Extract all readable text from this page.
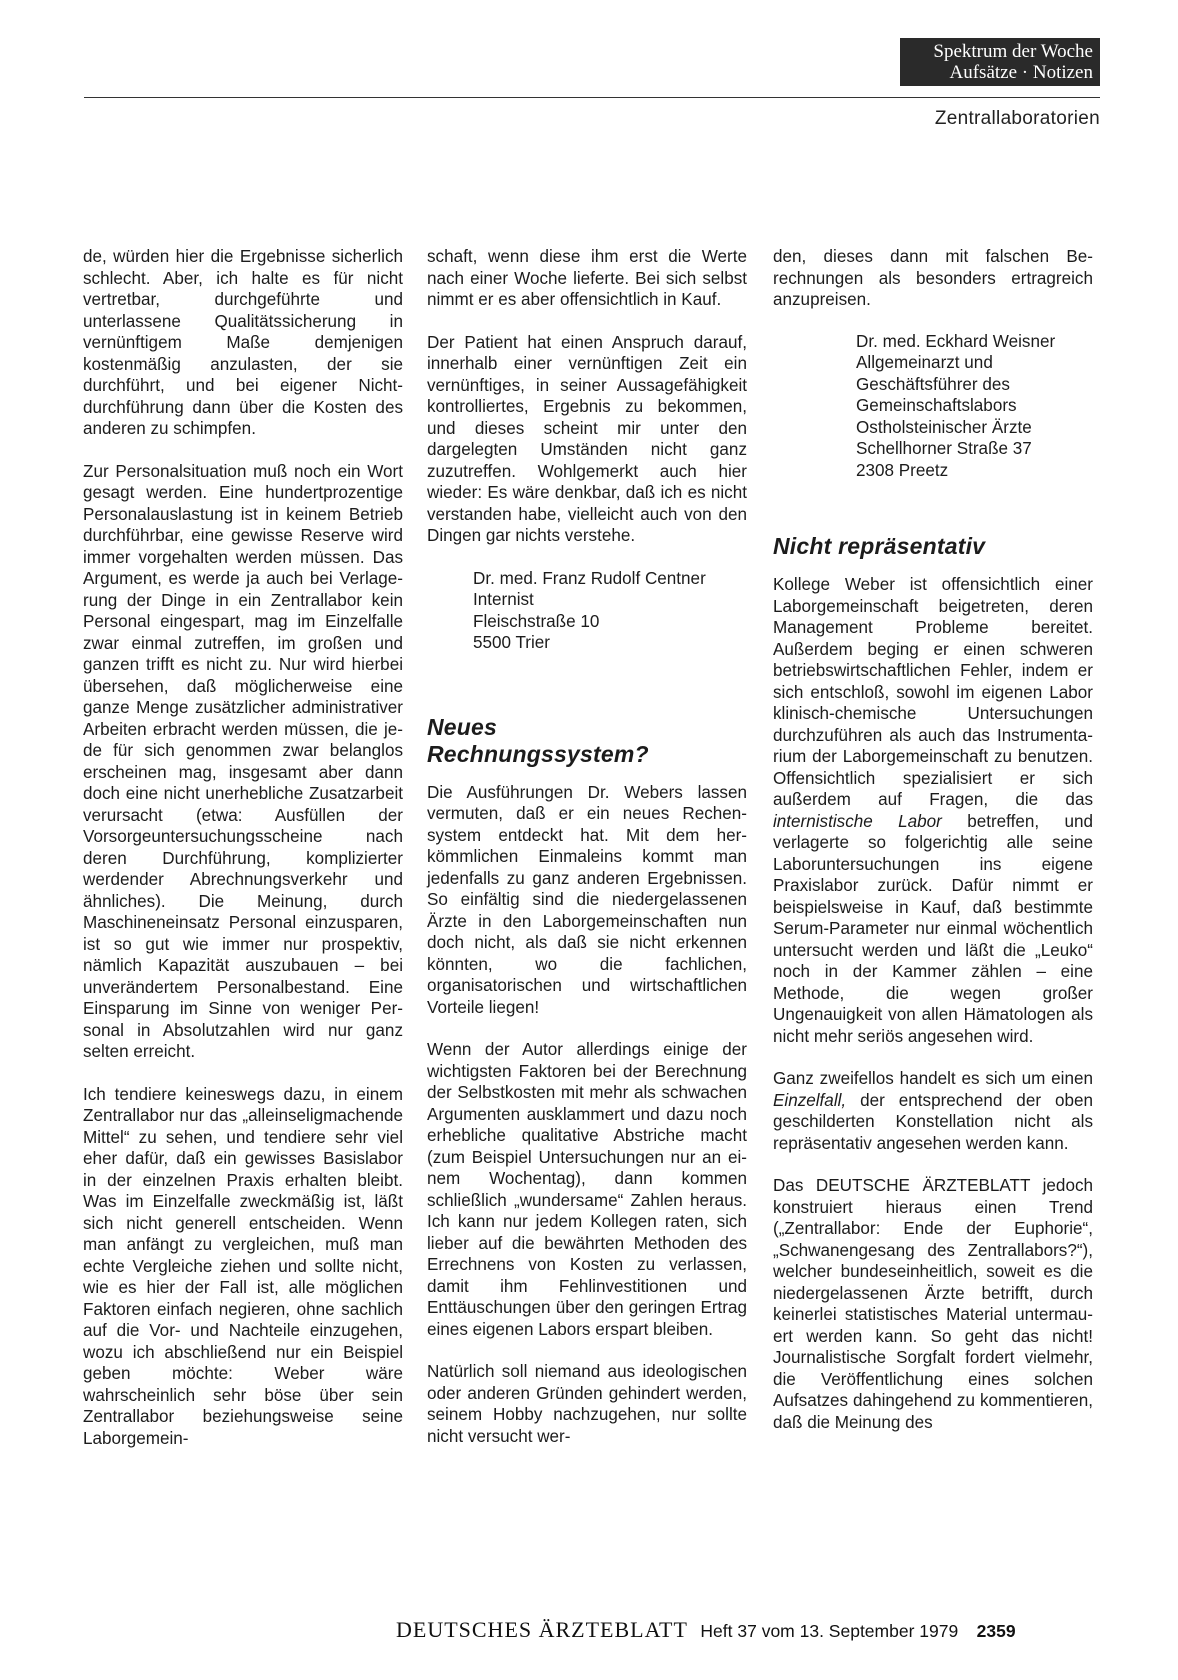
Spektrum der Woche
Aufsätze · Notizen
Zentrallaboratorien

de, würden hier die Ergebnisse sicherlich schlecht. Aber, ich halte es für nicht vertretbar, durchgeführte und unterlassene Qualitätssicherung in vernünftigem Maße demjenigen kostenmäßig anzulasten, der sie durchführt, und bei eigener Nichtdurchführung dann über die Kosten des anderen zu schimpfen.

Zur Personalsituation muß noch ein Wort gesagt werden. Eine hundertprozentige Personalauslastung ist in keinem Betrieb durchführbar, eine gewisse Reserve wird immer vorgehalten werden müssen. Das Argument, es werde ja auch bei Verlagerung der Dinge in ein Zentrallabor kein Personal eingespart, mag im Einzelfalle zwar einmal zutreffen, im großen und ganzen trifft es nicht zu. Nur wird hierbei übersehen, daß möglicherweise eine ganze Menge zusätzlicher administrativer Arbeiten erbracht werden müssen, die jede für sich genommen zwar belanglos erscheinen mag, insgesamt aber dann doch eine nicht unerhebliche Zusatzarbeit verursacht (etwa: Ausfüllen der Vorsorgeuntersuchungsscheine nach deren Durchführung, komplizierter werdender Abrechnungsverkehr und ähnliches). Die Meinung, durch Maschineneinsatz Personal einzusparen, ist so gut wie immer nur prospektiv, nämlich Kapazität auszubauen – bei unverändertem Personalbestand. Eine Einsparung im Sinne von weniger Personal in Absolutzahlen wird nur ganz selten erreicht.

Ich tendiere keineswegs dazu, in einem Zentrallabor nur das „alleinseligmachende Mittel“ zu sehen, und tendiere sehr viel eher dafür, daß ein gewisses Basislabor in der einzelnen Praxis erhalten bleibt. Was im Einzelfalle zweckmäßig ist, läßt sich nicht generell entscheiden. Wenn man anfängt zu vergleichen, muß man echte Vergleiche ziehen und sollte nicht, wie es hier der Fall ist, alle möglichen Faktoren einfach negieren, ohne sachlich auf die Vor- und Nachteile einzugehen, wozu ich abschließend nur ein Beispiel geben möchte: Weber wäre wahrscheinlich sehr böse über sein Zentrallabor beziehungsweise seine Laborgemein-

schaft, wenn diese ihm erst die Werte nach einer Woche lieferte. Bei sich selbst nimmt er es aber offensichtlich in Kauf.

Der Patient hat einen Anspruch darauf, innerhalb einer vernünftigen Zeit ein vernünftiges, in seiner Aussagefähigkeit kontrolliertes, Ergebnis zu bekommen, und dieses scheint mir unter den dargelegten Umständen nicht ganz zuzutreffen. Wohlgemerkt auch hier wieder: Es wäre denkbar, daß ich es nicht verstanden habe, vielleicht auch von den Dingen gar nichts verstehe.

Dr. med. Franz Rudolf Centner
Internist
Fleischstraße 10
5500 Trier
Neues
Rechnungssystem?

Die Ausführungen Dr. Webers lassen vermuten, daß er ein neues Rechensystem entdeckt hat. Mit dem herkömmlichen Einmaleins kommt man jedenfalls zu ganz anderen Ergebnissen. So einfältig sind die niedergelassenen Ärzte in den Laborgemeinschaften nun doch nicht, als daß sie nicht erkennen könnten, wo die fachlichen, organisatorischen und wirtschaftlichen Vorteile liegen!

Wenn der Autor allerdings einige der wichtigsten Faktoren bei der Berechnung der Selbstkosten mit mehr als schwachen Argumenten ausklammert und dazu noch erhebliche qualitative Abstriche macht (zum Beispiel Untersuchungen nur an einem Wochentag), dann kommen schließlich „wundersame“ Zahlen heraus. Ich kann nur jedem Kollegen raten, sich lieber auf die bewährten Methoden des Errechnens von Kosten zu verlassen, damit ihm Fehlinvestitionen und Enttäuschungen über den geringen Ertrag eines eigenen Labors erspart bleiben.

Natürlich soll niemand aus ideologischen oder anderen Gründen gehindert werden, seinem Hobby nachzugehen, nur sollte nicht versucht wer-

den, dieses dann mit falschen Berechnungen als besonders ertragreich anzupreisen.

Dr. med. Eckhard Weisner
Allgemeinarzt und
Geschäftsführer des
Gemeinschaftslabors
Ostholsteinischer Ärzte
Schellhorner Straße 37
2308 Preetz
Nicht repräsentativ

Kollege Weber ist offensichtlich einer Laborgemeinschaft beigetreten, deren Management Probleme bereitet. Außerdem beging er einen schweren betriebswirtschaftlichen Fehler, indem er sich entschloß, sowohl im eigenen Labor klinisch-chemische Untersuchungen durchzuführen als auch das Instrumentarium der Laborgemeinschaft zu benutzen. Offensichtlich spezialisiert er sich außerdem auf Fragen, die das internistische Labor betreffen, und verlagerte so folgerichtig alle seine Laboruntersuchungen ins eigene Praxislabor zurück. Dafür nimmt er beispielsweise in Kauf, daß bestimmte Serum-Parameter nur einmal wöchentlich untersucht werden und läßt die „Leuko“ noch in der Kammer zählen – eine Methode, die wegen großer Ungenauigkeit von allen Hämatologen als nicht mehr seriös angesehen wird.

Ganz zweifellos handelt es sich um einen Einzelfall, der entsprechend der oben geschilderten Konstellation nicht als repräsentativ angesehen werden kann.

Das DEUTSCHE ÄRZTEBLATT jedoch konstruiert hieraus einen Trend („Zentrallabor: Ende der Euphorie“, „Schwanengesang des Zentrallabors?“), welcher bundeseinheitlich, soweit es die niedergelassenen Ärzte betrifft, durch keinerlei statistisches Material untermauert werden kann. So geht das nicht! Journalistische Sorgfalt fordert vielmehr, die Veröffentlichung eines solchen Aufsatzes dahingehend zu kommentieren, daß die Meinung des

DEUTSCHES ÄRZTEBLATT Heft 37 vom 13. September 1979 2359
